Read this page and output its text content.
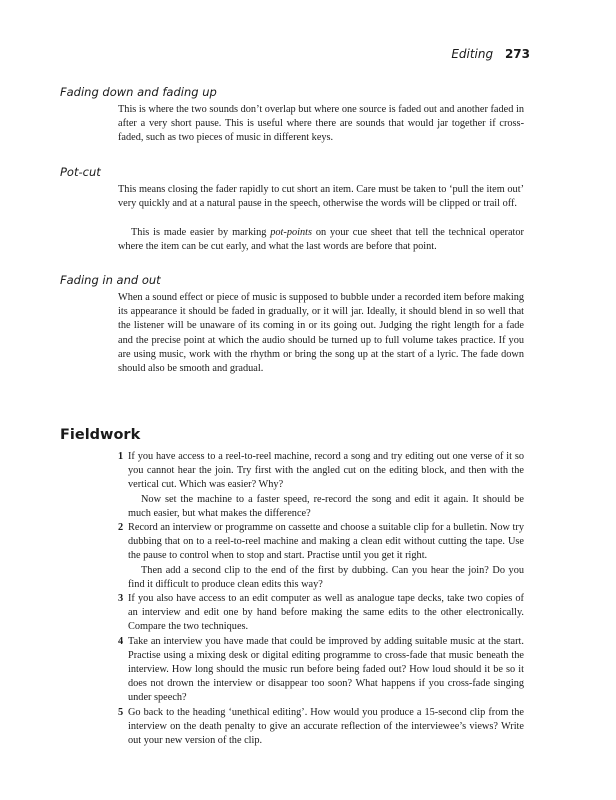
Editing 273
Fading down and fading up

This is where the two sounds don’t overlap but where one source is faded out and another faded in after a very short pause. This is useful where there are sounds that would jar together if cross-faded, such as two pieces of music in different keys.

Pot-cut

This means closing the fader rapidly to cut short an item. Care must be taken to ‘pull the item out’ very quickly and at a natural pause in the speech, otherwise the words will be clipped or trail off.

This is made easier by marking pot-points on your cue sheet that tell the technical operator where the item can be cut early, and what the last words are before that point.

Fading in and out

When a sound effect or piece of music is supposed to bubble under a recorded item before making its appearance it should be faded in gradually, or it will jar. Ideally, it should blend in so well that the listener will be unaware of its coming in or its going out. Judging the right length for a fade and the precise point at which the audio should be turned up to full volume takes practice. If you are using music, work with the rhythm or bring the song up at the start of a lyric. The fade down should also be smooth and gradual.

Fieldwork
1 If you have access to a reel-to-reel machine, record a song and try editing out one verse of it so you cannot hear the join. Try first with the angled cut on the editing block, and then with the vertical cut. Which was easier? Why?

Now set the machine to a faster speed, re-record the song and edit it again. It should be much easier, but what makes the difference?

2 Record an interview or programme on cassette and choose a suitable clip for a bulletin. Now try dubbing that on to a reel-to-reel machine and making a clean edit without cutting the tape. Use the pause to control when to stop and start. Practise until you get it right.

Then add a second clip to the end of the first by dubbing. Can you hear the join? Do you find it difficult to produce clean edits this way?

3 If you also have access to an edit computer as well as analogue tape decks, take two copies of an interview and edit one by hand before making the same edits to the other electronically. Compare the two techniques.

4 Take an interview you have made that could be improved by adding suitable music at the start. Practise using a mixing desk or digital editing programme to cross-fade that music beneath the interview. How long should the music run before being faded out? How loud should it be so it does not drown the interview or disappear too soon? What happens if you cross-fade singing under speech?

5 Go back to the heading ‘unethical editing’. How would you produce a 15-second clip from the interview on the death penalty to give an accurate reflection of the interviewee’s views? Write out your new version of the clip.
